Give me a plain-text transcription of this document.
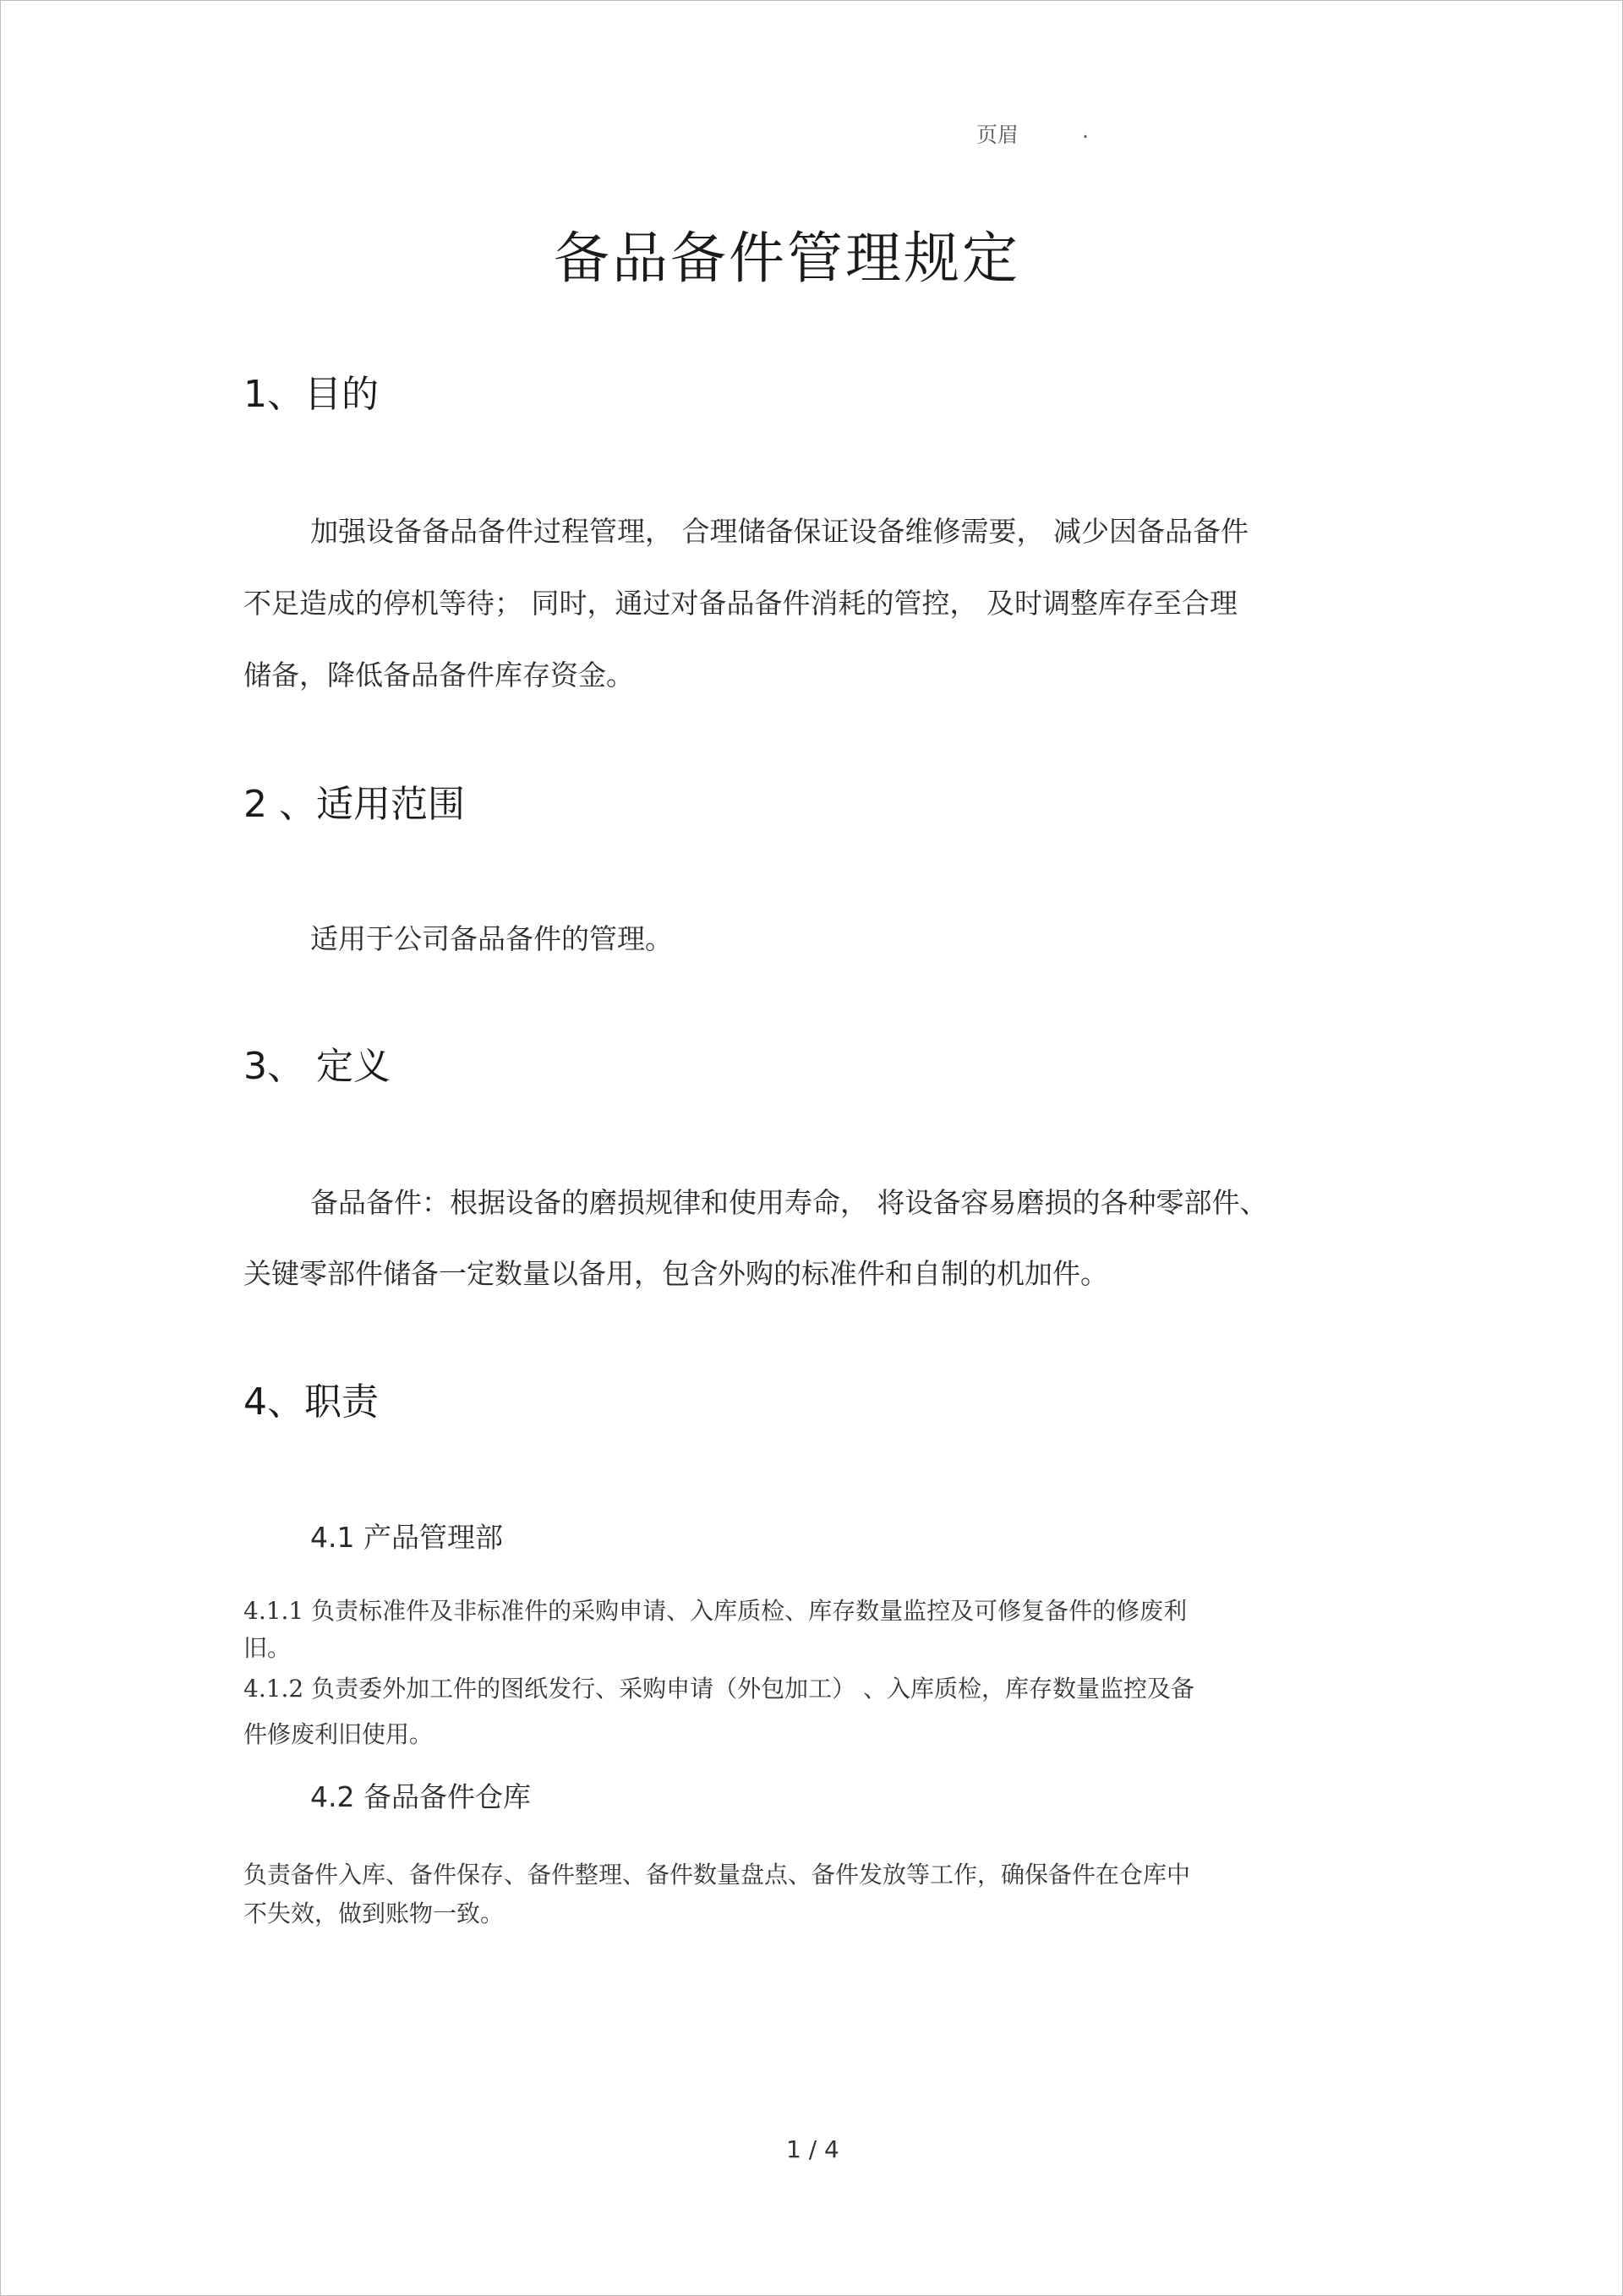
页眉	.
备品备件管理规定
1、目的
加强设备备品备件过程管理， 合理储备保证设备维修需要， 减少因备品备件
不足造成的停机等待； 同时，通过对备品备件消耗的管控， 及时调整库存至合理
储备，降低备品备件库存资金。
2 、适用范围
适用于公司备品备件的管理。
3、 定义
备品备件：根据设备的磨损规律和使用寿命， 将设备容易磨损的各种零部件、
关键零部件储备一定数量以备用，包含外购的标准件和自制的机加件。
4、职责
4.1 产品管理部
4.1.1 负责标准件及非标准件的采购申请、入库质检、库存数量监控及可修复备件的修废利
旧。
4.1.2 负责委外加工件的图纸发行、采购申请（外包加工） 、入库质检，库存数量监控及备
件修废利旧使用。
4.2 备品备件仓库
负责备件入库、备件保存、备件整理、备件数量盘点、备件发放等工作，确保备件在仓库中
不失效，做到账物一致。
1 / 4
